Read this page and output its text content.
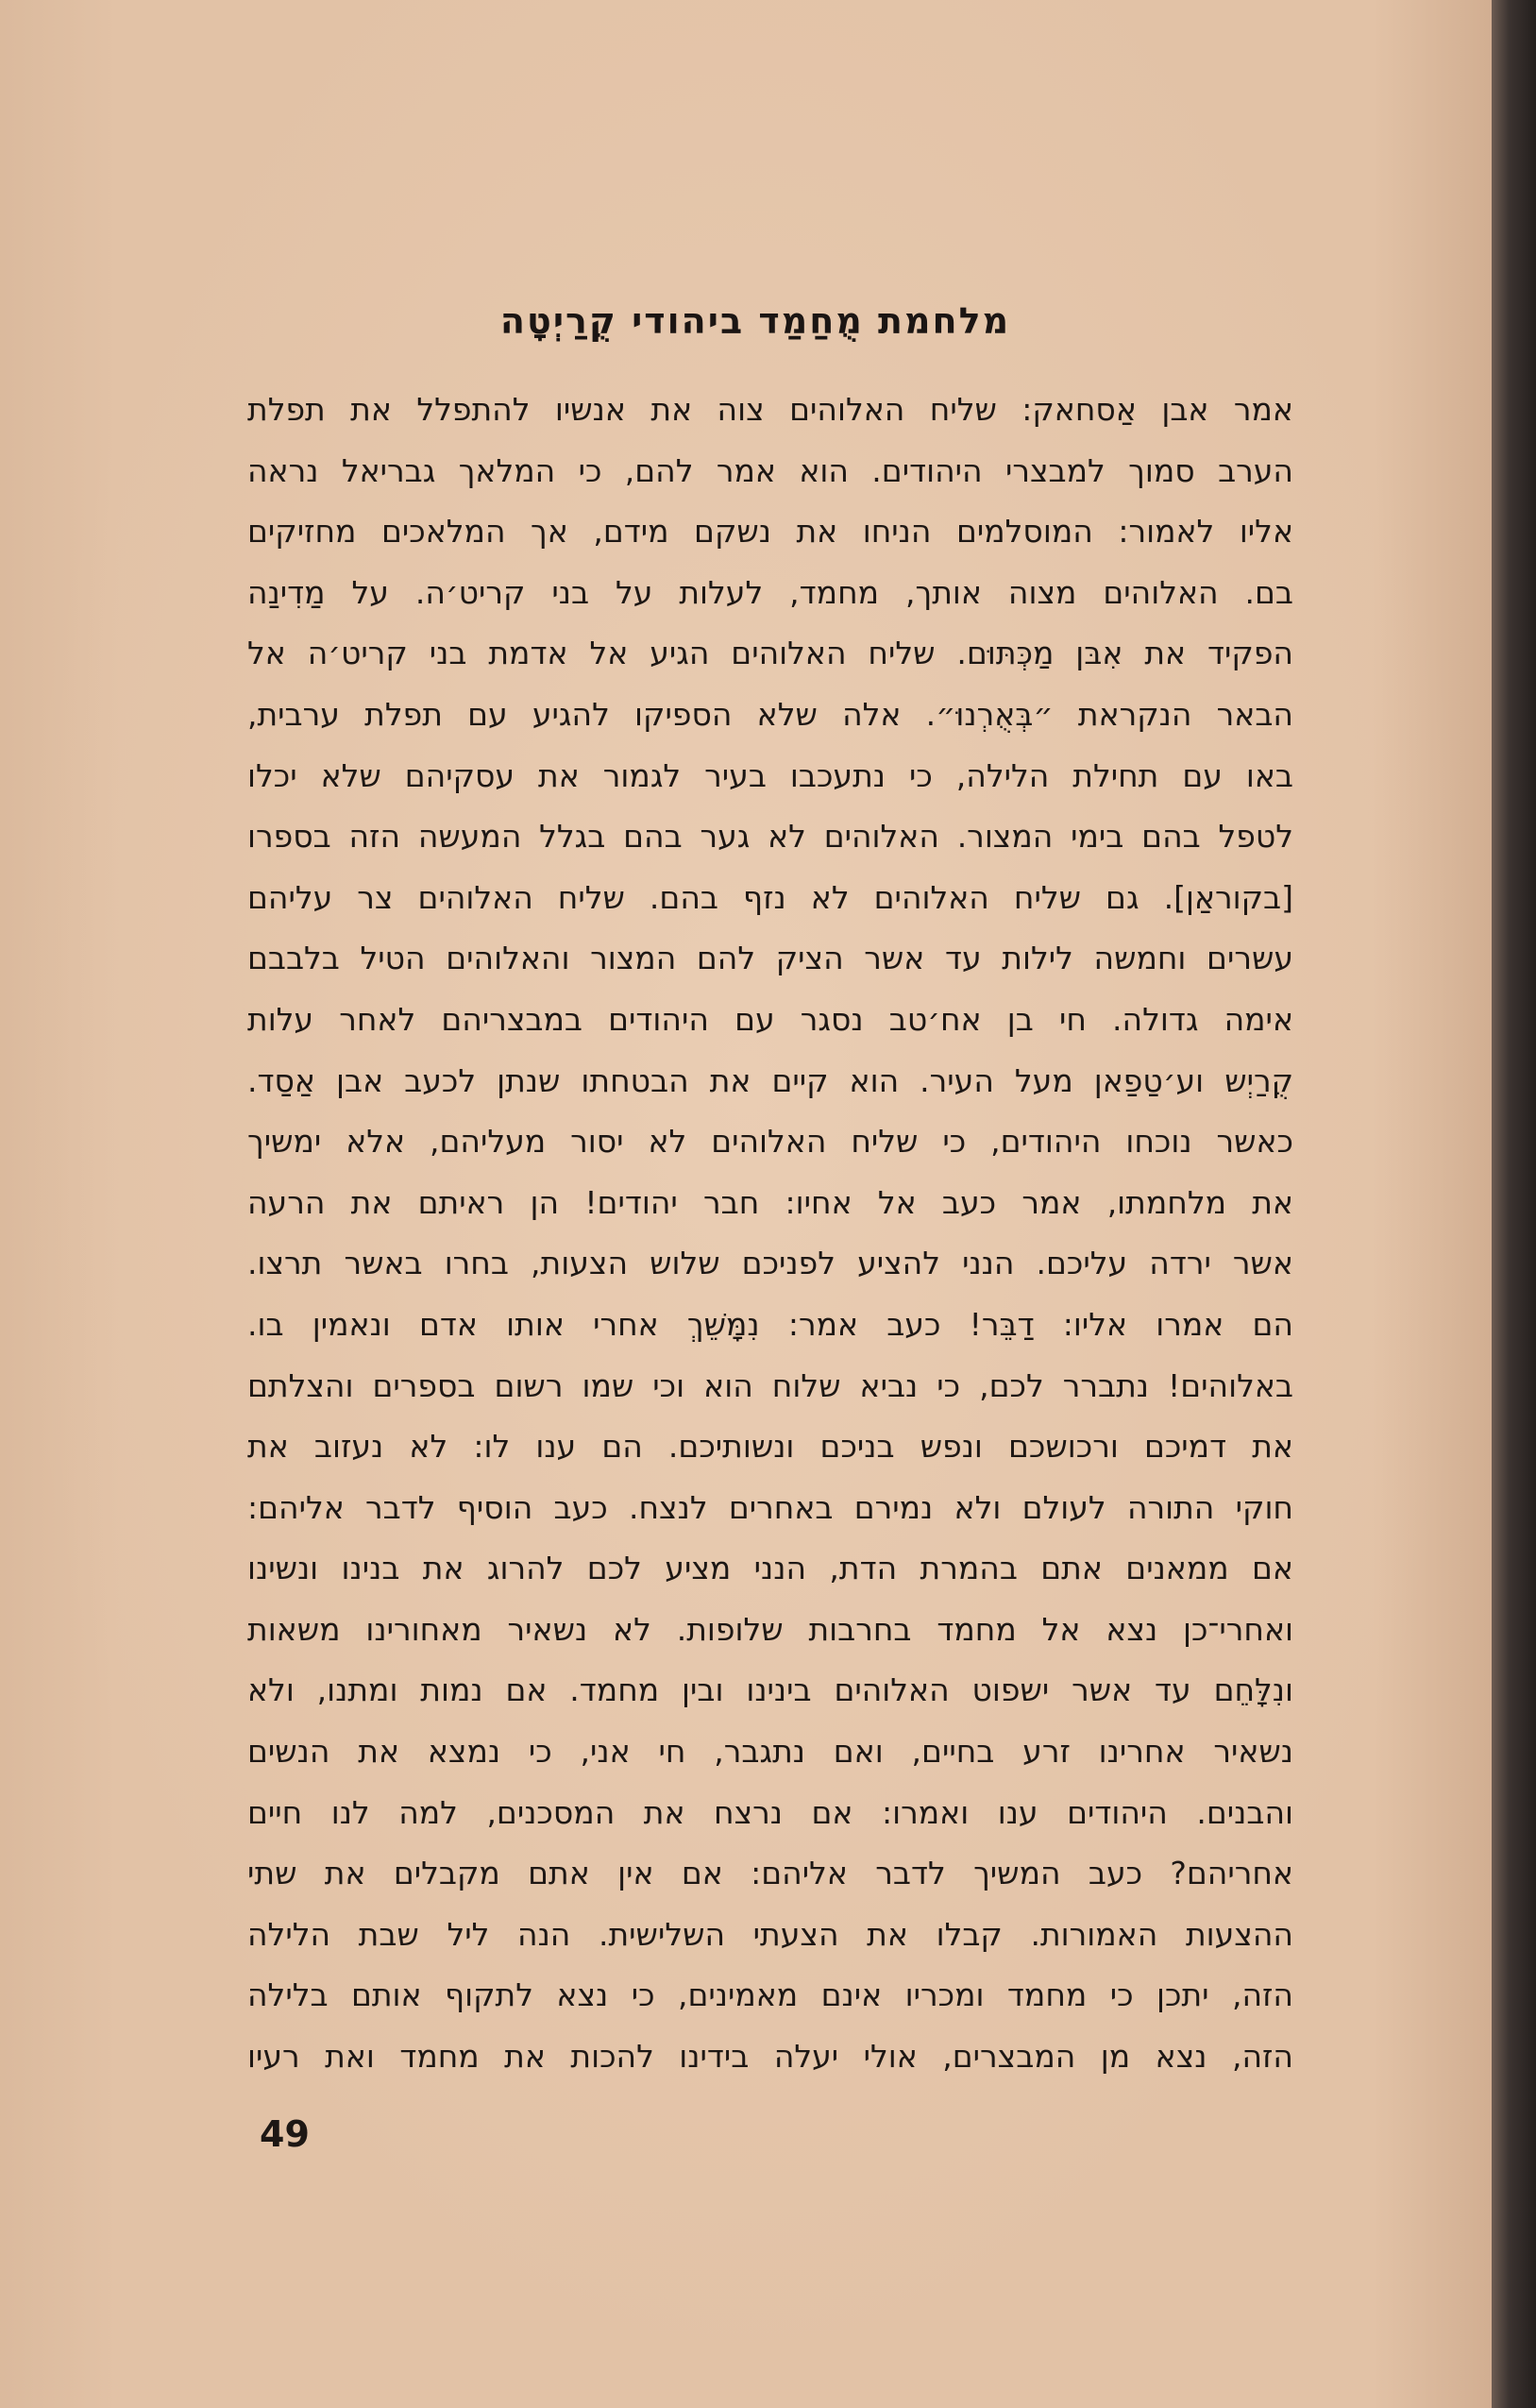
מלחמת מֻחַמַד ביהודי קֻרַיְטָה
אמר אבן אַסחאק: שליח האלוהים צוה את אנשיו להתפלל את תפלת
הערב סמוך למבצרי היהודים. הוא אמר להם, כי המלאך גבריאל נראה
אליו לאמור: המוסלמים הניחו את נשקם מידם, אך המלאכים מחזיקים
בם. האלוהים מצוה אותך, מחמד, לעלות על בני קריט׳ה. על מַדִינַה
הפקיד את אִבּן מַכְּתּוּם. שליח האלוהים הגיע אל אדמת בני קריט׳ה אל
הבאר הנקראת ״בְּאֻרְנוּ״. אלה שלא הספיקו להגיע עם תפלת ערבית,
באו עם תחילת הלילה, כי נתעכבו בעיר לגמור את עסקיהם שלא יכלו
לטפל בהם בימי המצור. האלוהים לא גער בהם בגלל המעשה הזה בספרו
[בקוראַן]. גם שליח האלוהים לא נזף בהם. שליח האלוהים צר עליהם
עשרים וחמשה לילות עד אשר הציק להם המצור והאלוהים הטיל בלבבם
אימה גדולה. חי בן אח׳טב נסגר עם היהודים במבצריהם לאחר עלות
קֻרַיְש וע׳טַפַאן מעל העיר. הוא קיים את הבטחתו שנתן לכעב אבן אַסַד.
כאשר נוכחו היהודים, כי שליח האלוהים לא יסור מעליהם, אלא ימשיך
את מלחמתו, אמר כעב אל אחיו: חבר יהודים! הן ראיתם את הרעה
אשר ירדה עליכם. הנני להציע לפניכם שלוש הצעות, בחרו באשר תרצו.
הם אמרו אליו: דַבֵּר! כעב אמר: נִמָּשֵׁךְ אחרי אותו אדם ונאמין בו.
באלוהים! נתברר לכם, כי נביא שלוח הוא וכי שמו רשום בספרים והצלתם
את דמיכם ורכושכם ונפש בניכם ונשותיכם. הם ענו לו: לא נעזוב את
חוקי התורה לעולם ולא נמירם באחרים לנצח. כעב הוסיף לדבר אליהם:
אם ממאנים אתם בהמרת הדת, הנני מציע לכם להרוג את בנינו ונשינו
ואחרי־כן נצא אל מחמד בחרבות שלופות. לא נשאיר מאחורינו משאות
ונִלָּחֵם עד אשר ישפוט האלוהים בינינו ובין מחמד. אם נמות ומתנו, ולא
נשאיר אחרינו זרע בחיים, ואם נתגבר, חי אני, כי נמצא את הנשים
והבנים. היהודים ענו ואמרו: אם נרצח את המסכנים, למה לנו חיים
אחריהם? כעב המשיך לדבר אליהם: אם אין אתם מקבלים את שתי
ההצעות האמורות. קבלו את הצעתי השלישית. הנה ליל שבת הלילה
הזה, יתכן כי מחמד ומכריו אינם מאמינים, כי נצא לתקוף אותם בלילה
הזה, נצא מן המבצרים, אולי יעלה בידינו להכות את מחמד ואת רעיו
49
